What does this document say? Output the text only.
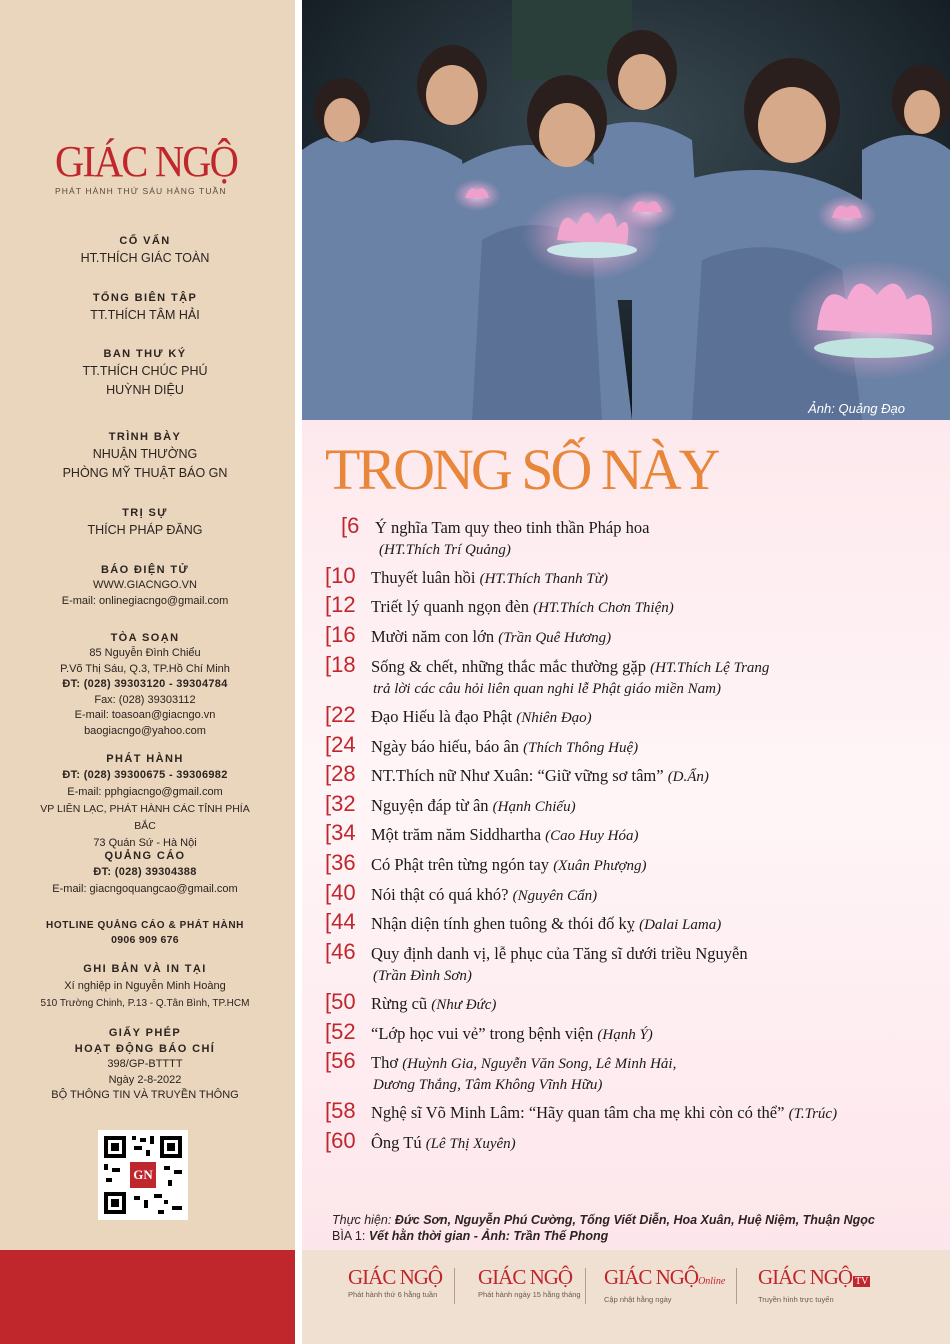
GIÁC NGỘ
PHÁT HÀNH THỨ SÁU HÀNG TUẦN
CỐ VẤN
HT.THÍCH GIÁC TOÀN
TỔNG BIÊN TẬP
TT.THÍCH TÂM HẢI
BAN THƯ KÝ
TT.THÍCH CHÚC PHÚ
HUỲNH DIỆU
TRÌNH BÀY
NHUẬN THƯỜNG
PHÒNG MỸ THUẬT BÁO GN
TRỊ SỰ
THÍCH PHÁP ĐĂNG
BÁO ĐIỆN TỬ
WWW.GIACNGO.VN
E-mail: onlinegiacngo@gmail.com
TÒA SOẠN
85 Nguyễn Đình Chiểu
P.Võ Thị Sáu, Q.3, TP.Hồ Chí Minh
ĐT: (028) 39303120 - 39304784
Fax: (028) 39303112
E-mail: toasoan@giacngo.vn
baogiacngo@yahoo.com
PHÁT HÀNH
ĐT: (028) 39300675 - 39306982
E-mail: pphgiacngo@gmail.com
VP LIÊN LẠC, PHÁT HÀNH CÁC TỈNH PHÍA BẮC
73 Quán Sứ - Hà Nội
QUẢNG CÁO
ĐT: (028) 39304388
E-mail: giacngoquangcao@gmail.com
HOTLINE QUẢNG CÁO & PHÁT HÀNH
0906 909 676
GHI BẢN VÀ IN TẠI
Xí nghiệp in Nguyễn Minh Hoàng
510 Trường Chinh, P.13 - Q.Tân Bình, TP.HCM
GIẤY PHÉP
HOẠT ĐỘNG BÁO CHÍ
398/GP-BTTTT
Ngày 2-8-2022
BỘ THÔNG TIN VÀ TRUYỀN THÔNG
GN
Ảnh: Quảng Đạo
TRONG SỐ NÀY
[6 Ý nghĩa Tam quy theo tinh thần Pháp hoa
(HT.Thích Trí Quảng)
[10 Thuyết luân hồi (HT.Thích Thanh Từ)
[12 Triết lý quanh ngọn đèn (HT.Thích Chơn Thiện)
[16 Mười năm con lớn (Trần Quê Hương)
[18 Sống & chết, những thắc mắc thường gặp (HT.Thích Lệ Trang
trả lời các câu hỏi liên quan nghi lễ Phật giáo miền Nam)
[22 Đạo Hiếu là đạo Phật (Nhiên Đạo)
[24 Ngày báo hiếu, báo ân (Thích Thông Huệ)
[28 NT.Thích nữ Như Xuân: “Giữ vững sơ tâm” (D.Ẩn)
[32 Nguyện đáp từ ân (Hạnh Chiếu)
[34 Một trăm năm Siddhartha (Cao Huy Hóa)
[36 Có Phật trên từng ngón tay (Xuân Phượng)
[40 Nói thật có quá khó? (Nguyên Cẩn)
[44 Nhận diện tính ghen tuông & thói đố kỵ (Dalai Lama)
[46 Quy định danh vị, lễ phục của Tăng sĩ dưới triều Nguyễn
(Trần Đình Sơn)
[50 Rừng cũ (Như Đức)
[52 “Lớp học vui vẻ” trong bệnh viện (Hạnh Ý)
[56 Thơ (Huỳnh Gia, Nguyễn Văn Song, Lê Minh Hải,
Dương Thắng, Tâm Không Vĩnh Hữu)
[58 Nghệ sĩ Võ Minh Lâm: “Hãy quan tâm cha mẹ khi còn có thể” (T.Trúc)
[60 Ông Tú (Lê Thị Xuyên)
Thực hiện: Đức Sơn, Nguyễn Phú Cường, Tống Viết Diễn, Hoa Xuân, Huệ Niệm, Thuận Ngọc
BÌA 1: Vết hằn thời gian - Ảnh: Trần Thế Phong
GIÁC NGỘ
Phát hành thứ 6 hằng tuần
GIÁC NGỘ
Phát hành ngày 15 hằng tháng
GIÁC NGỘOnline
Cập nhật hằng ngày
GIÁC NGỘ TV
Truyền hình trực tuyến
